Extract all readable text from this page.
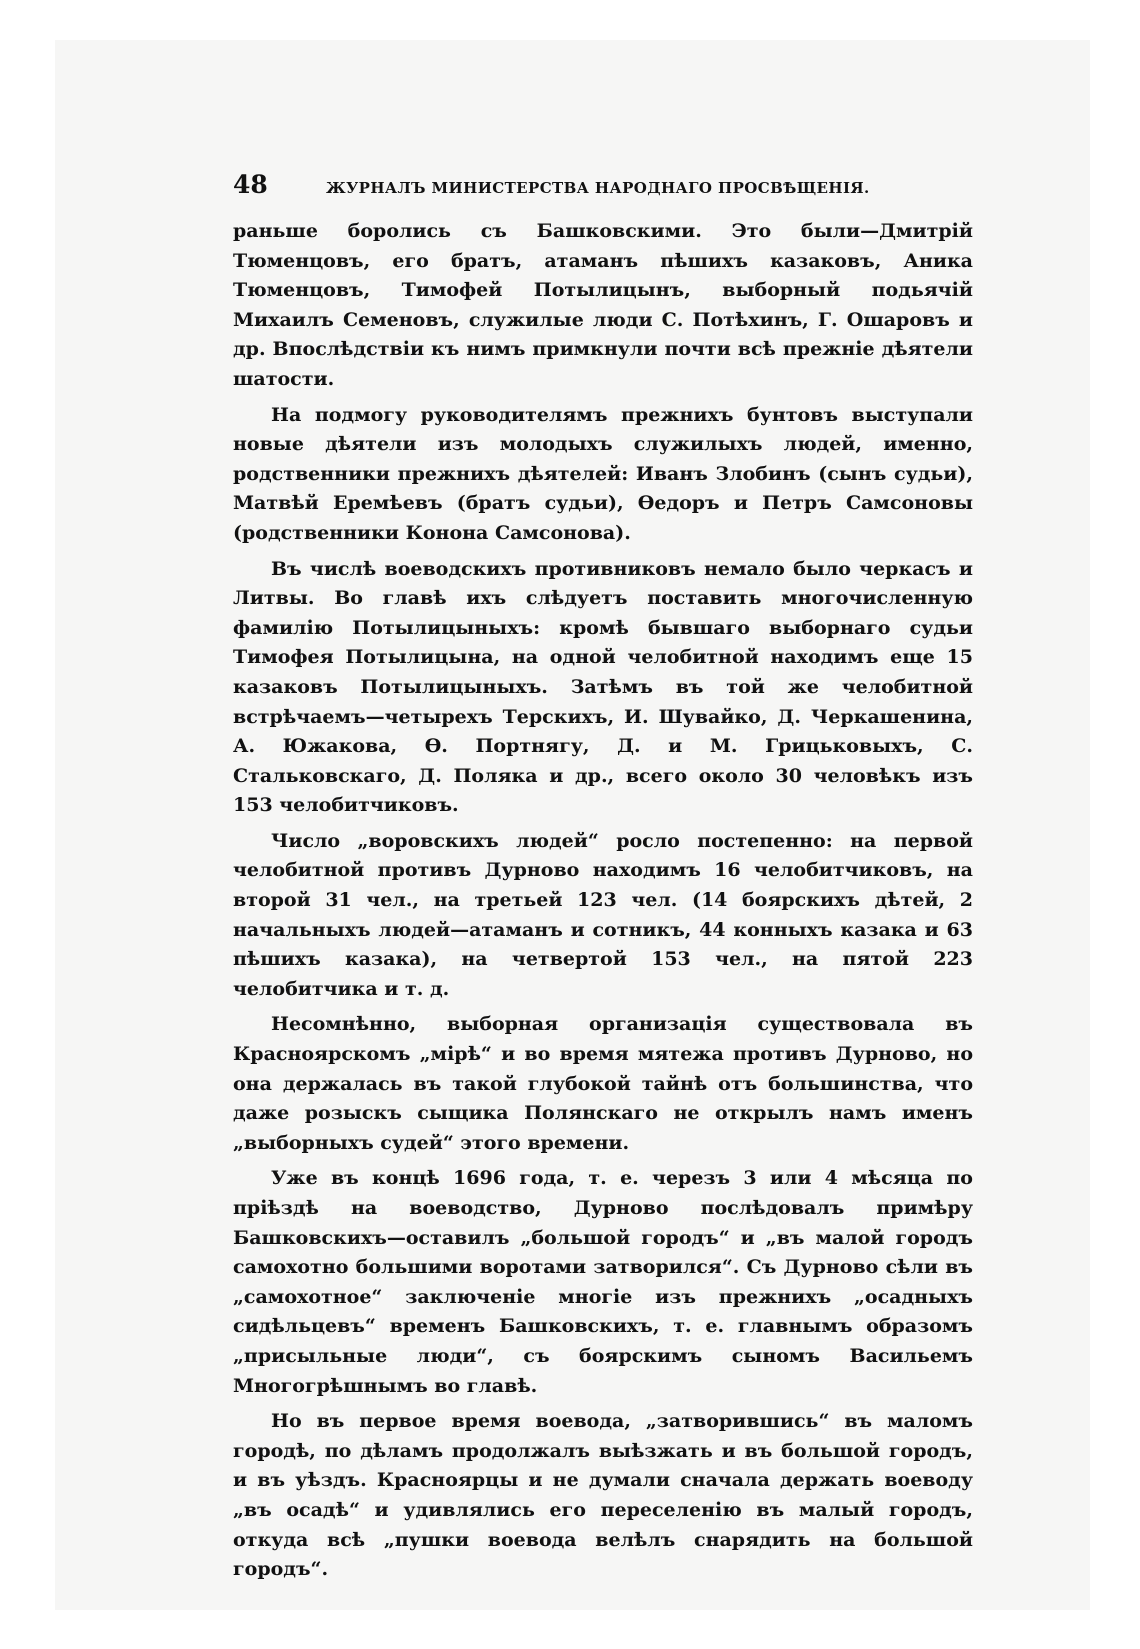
48	ЖУРНАЛЪ МИНИСТЕРСТВА НАРОДНАГО ПРОСВѢЩЕНІЯ.

раньше боролись съ Башковскими. Это были—Дмитрій Тюменцовъ, его братъ, атаманъ пѣшихъ казаковъ, Аника Тюменцовъ, Тимофей Потылицынъ, выборный подьячій Михаилъ Семеновъ, служилые люди С. Потѣхинъ, Г. Ошаровъ и др. Впослѣдствіи къ нимъ примкнули почти всѣ прежніе дѣятели шатости.

На подмогу руководителямъ прежнихъ бунтовъ выступали новые дѣятели изъ молодыхъ служилыхъ людей, именно, родственники прежнихъ дѣятелей: Иванъ Злобинъ (сынъ судьи), Матвѣй Еремѣевъ (братъ судьи), Ѳедоръ и Петръ Самсоновы (родственники Конона Самсонова).

Въ числѣ воеводскихъ противниковъ немало было черкасъ и Литвы. Во главѣ ихъ слѣдуетъ поставить многочисленную фамилію Потылицыныхъ: кромѣ бывшаго выборнаго судьи Тимофея Потылицына, на одной челобитной находимъ еще 15 казаковъ Потылицыныхъ. Затѣмъ въ той же челобитной встрѣчаемъ—четырехъ Терскихъ, И. Шувайко, Д. Черкашенина, А. Южакова, Ѳ. Портнягу, Д. и М. Грицьковыхъ, С. Стальковскаго, Д. Поляка и др., всего около 30 человѣкъ изъ 153 челобитчиковъ.

Число „воровскихъ людей“ росло постепенно: на первой челобитной противъ Дурново находимъ 16 челобитчиковъ, на второй 31 чел., на третьей 123 чел. (14 боярскихъ дѣтей, 2 начальныхъ людей—атаманъ и сотникъ, 44 конныхъ казака и 63 пѣшихъ казака), на четвертой 153 чел., на пятой 223 челобитчика и т. д.

Несомнѣнно, выборная организація существовала въ Красноярскомъ „мірѣ“ и во время мятежа противъ Дурново, но она держалась въ такой глубокой тайнѣ отъ большинства, что даже розыскъ сыщика Полянскаго не открылъ намъ именъ „выборныхъ судей“ этого времени.

Уже въ концѣ 1696 года, т. е. черезъ 3 или 4 мѣсяца по пріѣздѣ на воеводство, Дурново послѣдовалъ примѣру Башковскихъ—оставилъ „большой городъ“ и „въ малой городъ самохотно большими воротами затворился“. Съ Дурново сѣли въ „самохотное“ заключеніе многіе изъ прежнихъ „осадныхъ сидѣльцевъ“ временъ Башковскихъ, т. е. главнымъ образомъ „присыльные люди“, съ боярскимъ сыномъ Васильемъ Многогрѣшнымъ во главѣ.

Но въ первое время воевода, „затворившись“ въ маломъ городѣ, по дѣламъ продолжалъ выѣзжать и въ большой городъ, и въ уѣздъ. Красноярцы и не думали сначала держать воеводу „въ осадѣ“ и удивлялись его переселенію въ малый городъ, откуда всѣ „пушки воевода велѣлъ снарядить на большой городъ“.
